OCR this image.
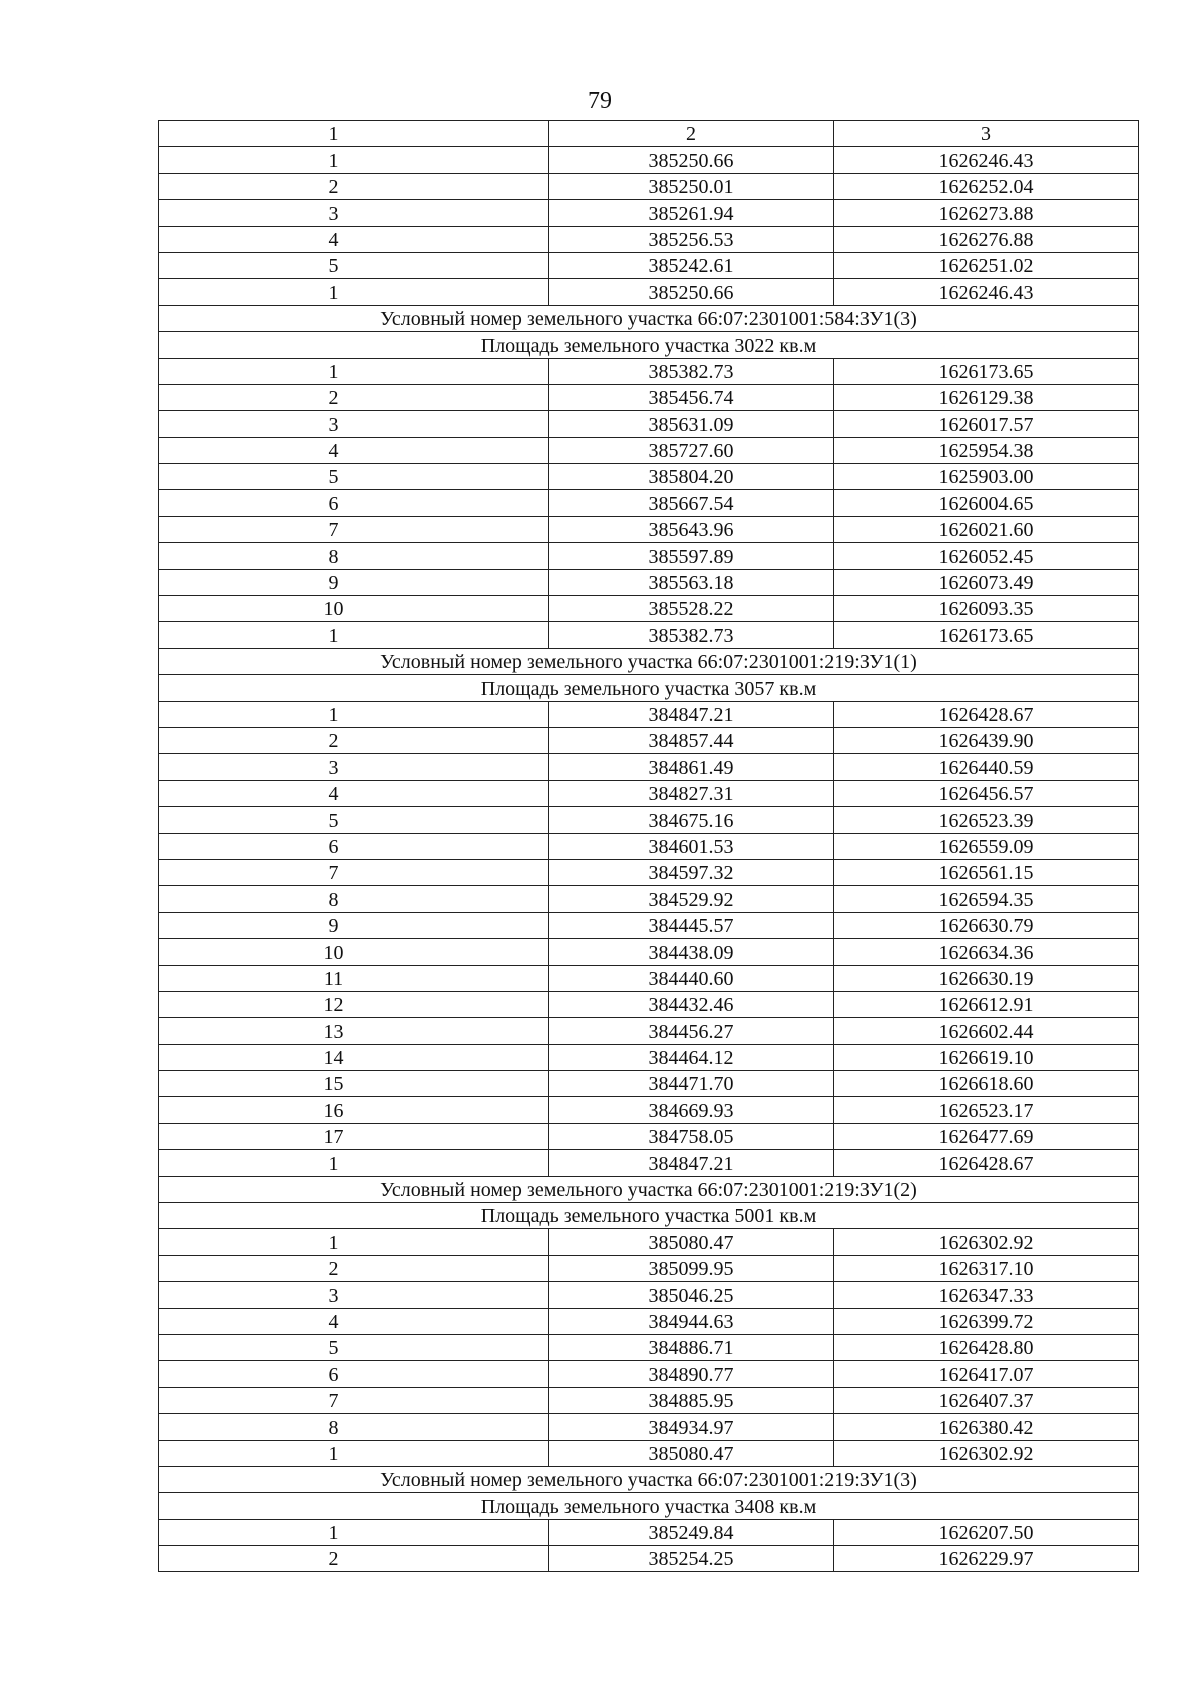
79
1	2	3
1	385250.66	1626246.43
2	385250.01	1626252.04
3	385261.94	1626273.88
4	385256.53	1626276.88
5	385242.61	1626251.02
1	385250.66	1626246.43
Условный номер земельного участка 66:07:2301001:584:ЗУ1(3)		
Площадь земельного участка 3022 кв.м		
1	385382.73	1626173.65
2	385456.74	1626129.38
3	385631.09	1626017.57
4	385727.60	1625954.38
5	385804.20	1625903.00
6	385667.54	1626004.65
7	385643.96	1626021.60
8	385597.89	1626052.45
9	385563.18	1626073.49
10	385528.22	1626093.35
1	385382.73	1626173.65
Условный номер земельного участка 66:07:2301001:219:ЗУ1(1)		
Площадь земельного участка 3057 кв.м		
1	384847.21	1626428.67
2	384857.44	1626439.90
3	384861.49	1626440.59
4	384827.31	1626456.57
5	384675.16	1626523.39
6	384601.53	1626559.09
7	384597.32	1626561.15
8	384529.92	1626594.35
9	384445.57	1626630.79
10	384438.09	1626634.36
11	384440.60	1626630.19
12	384432.46	1626612.91
13	384456.27	1626602.44
14	384464.12	1626619.10
15	384471.70	1626618.60
16	384669.93	1626523.17
17	384758.05	1626477.69
1	384847.21	1626428.67
Условный номер земельного участка 66:07:2301001:219:ЗУ1(2)		
Площадь земельного участка 5001 кв.м		
1	385080.47	1626302.92
2	385099.95	1626317.10
3	385046.25	1626347.33
4	384944.63	1626399.72
5	384886.71	1626428.80
6	384890.77	1626417.07
7	384885.95	1626407.37
8	384934.97	1626380.42
1	385080.47	1626302.92
Условный номер земельного участка 66:07:2301001:219:ЗУ1(3)		
Площадь земельного участка 3408 кв.м		
1	385249.84	1626207.50
2	385254.25	1626229.97
